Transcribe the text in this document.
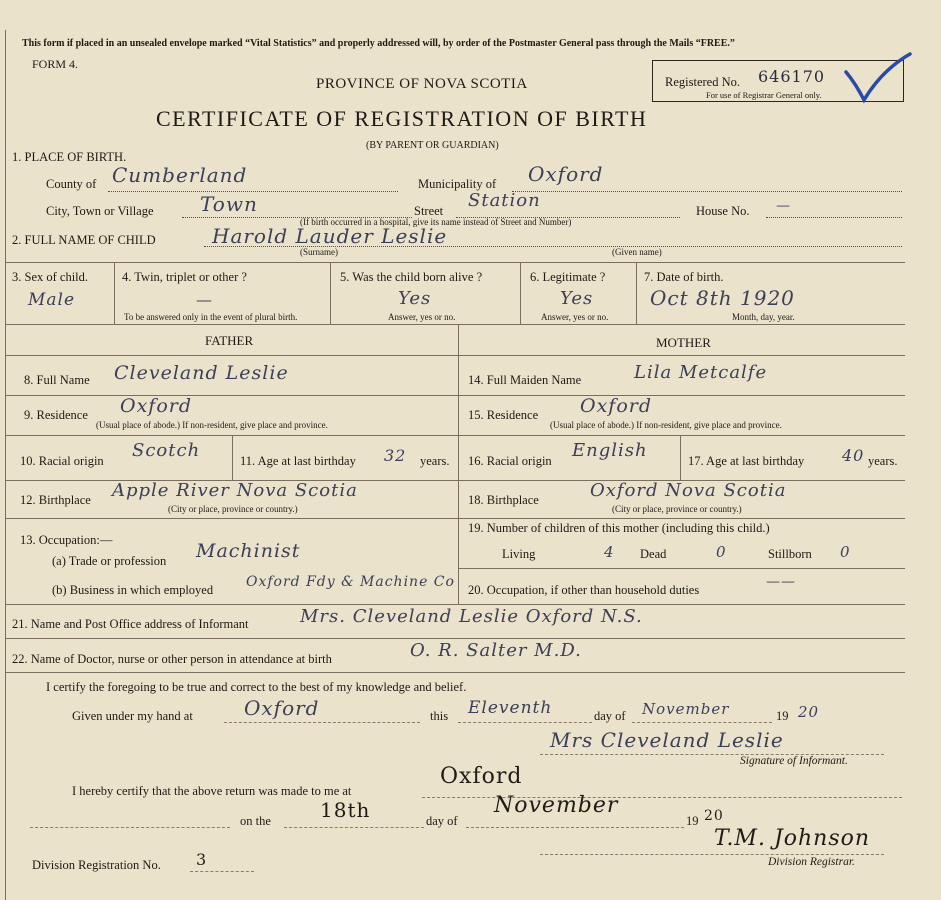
This form if placed in an unsealed envelope marked “Vital Statistics” and properly addressed will, by order of the Postmaster General pass through the Mails “FREE.”
FORM 4.
PROVINCE OF NOVA SCOTIA
CERTIFICATE OF REGISTRATION OF BIRTH
(BY PARENT OR GUARDIAN)
Registered No. 646170
For use of Registrar General only.
1. PLACE OF BIRTH.
County of Cumberland	Municipality of Oxford
City, Town or Village Town	Street Station	House No. —
(If birth occurred in a hospital, give its name instead of Street and Number)
2. FULL NAME OF CHILD	Harold Lauder Leslie
(Surname)	(Given name)
3. Sex of child.
Male
4. Twin, triplet or other ?
—
To be answered only in the event of plural birth.
5. Was the child born alive ?
Yes
Answer, yes or no.
6. Legitimate ?
Yes
Answer, yes or no.
7. Date of birth.
Oct 8th 1920
Month, day, year.
FATHER	MOTHER
8. Full Name Cleveland Leslie
9. Residence Oxford
(Usual place of abode.) If non-resident, give place and province.
10. Racial origin Scotch	11. Age at last birthday 32 years.
12. Birthplace Apple River Nova Scotia
(City or place, province or country.)
13. Occupation:—
(a) Trade or profession Machinist
(b) Business in which employed Oxford Fdy & Machine Co
14. Full Maiden Name	Lila Metcalfe
15. Residence Oxford
(Usual place of abode.) If non-resident, give place and province.
16. Racial origin English	17. Age at last birthday 40 years.
18. Birthplace	Oxford Nova Scotia
(City or place, province or country.)
19. Number of children of this mother (including this child.)
Living	4 Dead	0	Stillborn 0
20. Occupation, if other than household duties	——
21. Name and Post Office address of Informant	Mrs. Cleveland Leslie Oxford N.S.
22. Name of Doctor, nurse or other person in attendance at birth	O. R. Salter M.D.
I certify the foregoing to be true and correct to the best of my knowledge and belief.
Given under my hand at	Oxford	this Eleventh	day of November	19 20
Mrs Cleveland Leslie
Signature of Informant.
I hereby certify that the above return was made to me at
Oxford
on the 18th	day of
November
19 20
T.M. Johnson
Division Registrar.
Division Registration No. 3
